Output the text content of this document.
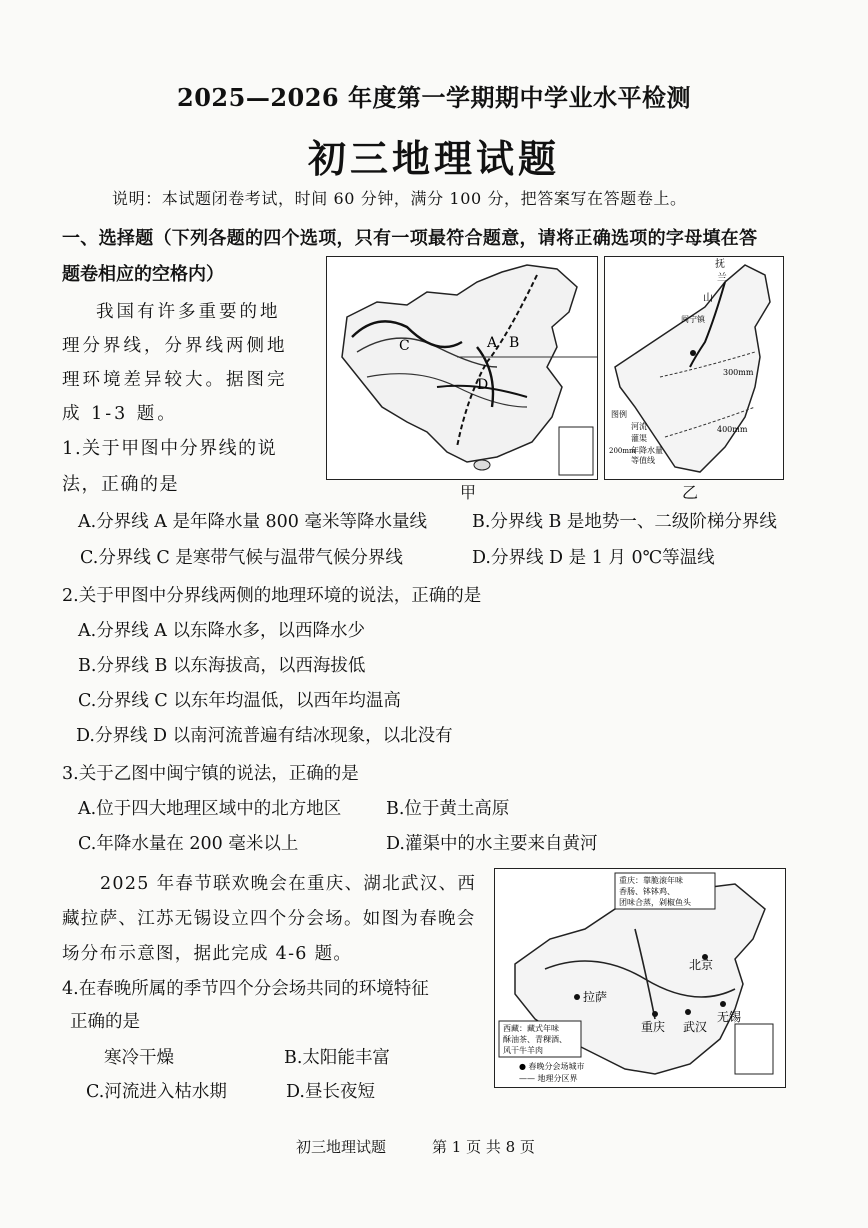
2025—2026 年度第一学期期中学业水平检测
初三地理试题
说明：本试题闭卷考试，时间 60 分钟，满分 100 分，把答案写在答题卷上。
一、选择题（下列各题的四个选项，只有一项最符合题意，请将正确选项的字母填在答
题卷相应的空格内）
我国有许多重要的地
理分界线，分界线两侧地
理环境差异较大。据图完
成 1-3 题。
1.关于甲图中分界线的说
法，正确的是
A.分界线 A 是年降水量 800 毫米等降水量线	B.分界线 B 是地势一、二级阶梯分界线
C.分界线 C 是寒带气候与温带气候分界线	D.分界线 D 是 1 月 0℃等温线
2.关于甲图中分界线两侧的地理环境的说法，正确的是
A.分界线 A 以东降水多，以西降水少
B.分界线 B 以东海拔高，以西海拔低
C.分界线 C 以东年均温低，以西年均温高
D.分界线 D 以南河流普遍有结冰现象，以北没有
3.关于乙图中闽宁镇的说法，正确的是
A.位于四大地理区域中的北方地区	B.位于黄土高原
C.年降水量在 200 毫米以上	D.灌渠中的水主要来自黄河
2025 年春节联欢晚会在重庆、湖北武汉、西
藏拉萨、江苏无锡设立四个分会场。如图为春晚会
场分布示意图，据此完成 4-6 题。
4.在春晚所属的季节四个分会场共同的环境特征
正确的是
寒冷干燥	B.太阳能丰富
C.河流进入枯水期	D.昼长夜短
C	A B
D
甲
抚
兰
山
闽宁镇
300mm
400mm
图例
河流
灌渠
年降水量
等值线
200mm
乙
北京
拉萨
重庆 武汉
无锡
重庆：靠脆滚年味
香肠、钵钵鸡、
团味合蒸，剁椒鱼头
西藏：藏式年味
酥油茶、青稞酒、
风干牛羊肉
● 春晚分会场城市
—— 地理分区界
初三地理试题	第 1 页 共 8 页
